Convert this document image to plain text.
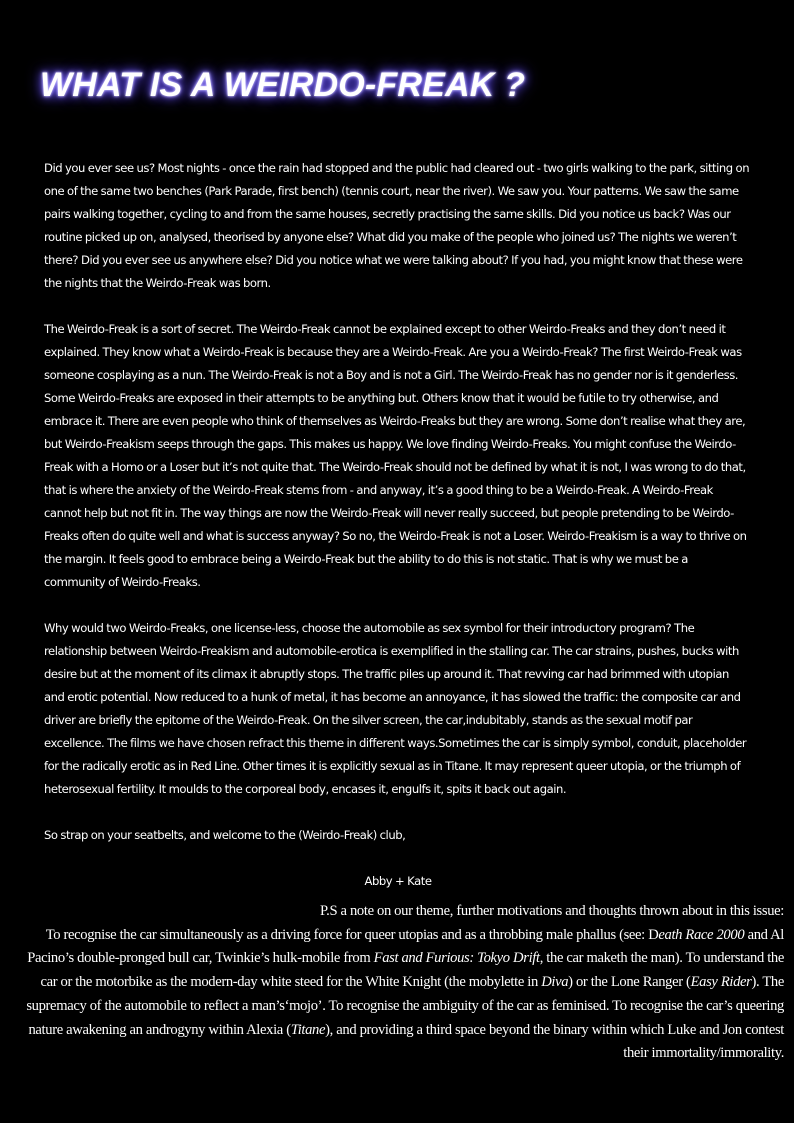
WHAT IS A WEIRDO-FREAK ?

Did you ever see us? Most nights - once the rain had stopped and the public had cleared out - two girls walking to the park, sitting on one of the same two benches (Park Parade, first bench) (tennis court, near the river). We saw you. Your patterns. We saw the same pairs walking together, cycling to and from the same houses, secretly practising the same skills. Did you notice us back? Was our routine picked up on, analysed, theorised by anyone else? What did you make of the people who joined us? The nights we weren’t there? Did you ever see us anywhere else? Did you notice what we were talking about? If you had, you might know that these were the nights that the Weirdo-Freak was born.

The Weirdo-Freak is a sort of secret. The Weirdo-Freak cannot be explained except to other Weirdo-Freaks and they don’t need it explained. They know what a Weirdo-Freak is because they are a Weirdo-Freak. Are you a Weirdo-Freak? The first Weirdo-Freak was someone cosplaying as a nun. The Weirdo-Freak is not a Boy and is not a Girl. The Weirdo-Freak has no gender nor is it genderless. Some Weirdo-Freaks are exposed in their attempts to be anything but. Others know that it would be futile to try otherwise, and embrace it. There are even people who think of themselves as Weirdo-Freaks but they are wrong. Some don’t realise what they are, but Weirdo-Freakism seeps through the gaps. This makes us happy. We love finding Weirdo-Freaks. You might confuse the Weirdo-Freak with a Homo or a Loser but it’s not quite that. The Weirdo-Freak should not be defined by what it is not, I was wrong to do that, that is where the anxiety of the Weirdo-Freak stems from - and anyway, it’s a good thing to be a Weirdo-Freak. A Weirdo-Freak cannot help but not fit in. The way things are now the Weirdo-Freak will never really succeed, but people pretending to be Weirdo-Freaks often do quite well and what is success anyway? So no, the Weirdo-Freak is not a Loser. Weirdo-Freakism is a way to thrive on the margin. It feels good to embrace being a Weirdo-Freak but the ability to do this is not static. That is why we must be a community of Weirdo-Freaks.

Why would two Weirdo-Freaks, one license-less, choose the automobile as sex symbol for their introductory program? The relationship between Weirdo-Freakism and automobile-erotica is exemplified in the stalling car. The car strains, pushes, bucks with desire but at the moment of its climax it abruptly stops. The traffic piles up around it. That revving car had brimmed with utopian and erotic potential. Now reduced to a hunk of metal, it has become an annoyance, it has slowed the traffic: the composite car and driver are briefly the epitome of the Weirdo-Freak. On the silver screen, the car,indubitably, stands as the sexual motif par excellence. The films we have chosen refract this theme in different ways.Sometimes the car is simply symbol, conduit, placeholder for the radically erotic as in Red Line. Other times it is explicitly sexual as in Titane. It may represent queer utopia, or the triumph of heterosexual fertility. It moulds to the corporeal body, encases it, engulfs it, spits it back out again.

So strap on your seatbelts, and welcome to the (Weirdo-Freak) club,

Abby + Kate

P.S a note on our theme, further motivations and thoughts thrown about in this issue:

To recognise the car simultaneously as a driving force for queer utopias and as a throbbing male phallus (see: Death Race 2000 and Al Pacino’s double-pronged bull car, Twinkie’s hulk-mobile from Fast and Furious: Tokyo Drift, the car maketh the man). To understand the car or the motorbike as the modern-day white steed for the White Knight (the mobylette in Diva) or the Lone Ranger (Easy Rider). The supremacy of the automobile to reflect a man’s‘mojo’. To recognise the ambiguity of the car as feminised. To recognise the car’s queering nature awakening an androgyny within Alexia (Titane), and providing a third space beyond the binary within which Luke and Jon contest their immortality/immorality.
